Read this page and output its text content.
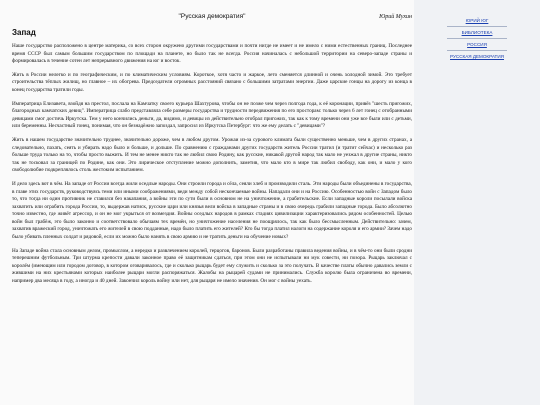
"Русская демократия"	Юрий Мухин
Запад

Наше государство расположено в центре материка, со всех сторон окружено другими государствами и почти нигде не имеет и не имело с ними естественных границ. Последнее время СССР был самым большим государством по площади на планете, но было так не всегда. Россия начиналась с небольшой территории на северо-западе страны и формировалась в течение сотен лет непрерывного движения на юг и восток.

Жить в России нелегко и по географическим, и по климатическим условиям. Короткое, хотя часто и жаркое, лето сменяется длинной и очень холодной зимой. Это требует строительства тёплых жилищ, но главное – их обогрева. Председатели огромных расстояний связано с большими затратами энергии. Даже царские гонцы на дорогу из конца в конец государства тратили годы.

Императрица Елизавета, взойдя на престол, послала на Камчатку своего курьера Шахтурова, чтобы он не позже чем через полгода года, к её коронации, привёз "шесть пригожих, благородных камчатских девиц". Императрица слабо представляла себе размеры государства и трудности передвижения по его просторам: только через 6 лет гонец с отобранными девицами смог достичь Иркутска. Тем у него кончились деньги, да, видимо, и девицы из действительно отобрал пригожих, так как к тому времени они уже все были или с детьми, или беременны. Несчастный гонец, понимая, что он безнадёжно запоздал, запросил из Иркутска Петербург: что же ему делать с "девицами"?

Жить в нашем государстве значительно труднее, значительно дороже, чем в любом другом. Урожаи из-за сурового климата были существенно меньше, чем в других странах, а следовательно, пахать, сеять и убирать надо было и больше, и дольше. По сравнению с гражданами других государств житель России тратил (и тратит сейчас) и несколько раз больше труда только на то, чтобы просто выжить. И тем не менее никто так не любил свою Родину, как русские, никакой другой народ так мало не уезжал в другие страны, никто так не тосковал за границей по Родине, как они. Это лирическое отступление можно дополнить, заметив, что мало кто в мире так любил свободу, как они, и мало у кого свободолюбие подкреплялось столь жестоким испытанием.

И дело здесь вот в чём. На западе от России всегда жили оседлые народы. Они строили города и сёла, сеяли хлеб и производили сталь. Эти народы были объединены в государства, в главе этих государств, руководствуясь теми или иными соображениями, веди между собой нескончаемые войны. Нападали они и на Россию. Особенностью войн с Западом было то, что тогда ни один противник не ставился без накапания, а войны эти по сути были в основном не на уничтожение, а грабительские. Если западные короли посылали войска захватить или ограбить города России, то, выдержав натиск, русские цари или князья вели войска в западные страны и в свою очередь грабили западные города. Было абсолютно точно известно, где живёт агрессор, и он не мог укрыться от возмездия. Войны оседлых народов в рамках стадиях цивилизации характеризовались рядом особенностей. Целью войн был грабёж, это было законно и соответствовало обычаям тех времён, но уничтожение населения не поощрялось, так как было бессмысленным. Действительно: зачем, захватив вражеский город, уничтожать его жителей в свою подданные, надо было платить его жителей? Кто бы тогда платил налоги на содержание короля и его армии? Зачем надо было убивать пленных солдат и рядовой, если их можно было нанять в свою армию и не тратить деньги на обучение новых?

На Западе война стала основным делом, промыслом, а нередко и развлечением королей, герцогов, баронов. Были разработаны правила ведения войны, и в чём-то они были сродни теперешним футбольным. Три штурма крепости давали законное право её защитникам сдаться, при этом они не испытывали ни мук совести, ни позора. Рыцарь заключал с королём (имеющим или городом договор, в котором оговаривалось, где и сколько рыцарь будет ему служить и сколько за это получать. В качестве платы обычно давались земли с жившими на них крестьянами которых наиболее рыцари могли распоряжаться. Жалобы на рыцарей судами не принимались. Служба королю была ограничена во времени, например два месяца в году, а иногда и 40 дней. Закончил король войну или нет, для рыцаря не имело значения. Он мог с войны уехать.

ЮРИЙ ЮГ
БИБЛИОТЕКА
РОССИЯ
РУССКАЯ ДЕМОКРАТИЯ
